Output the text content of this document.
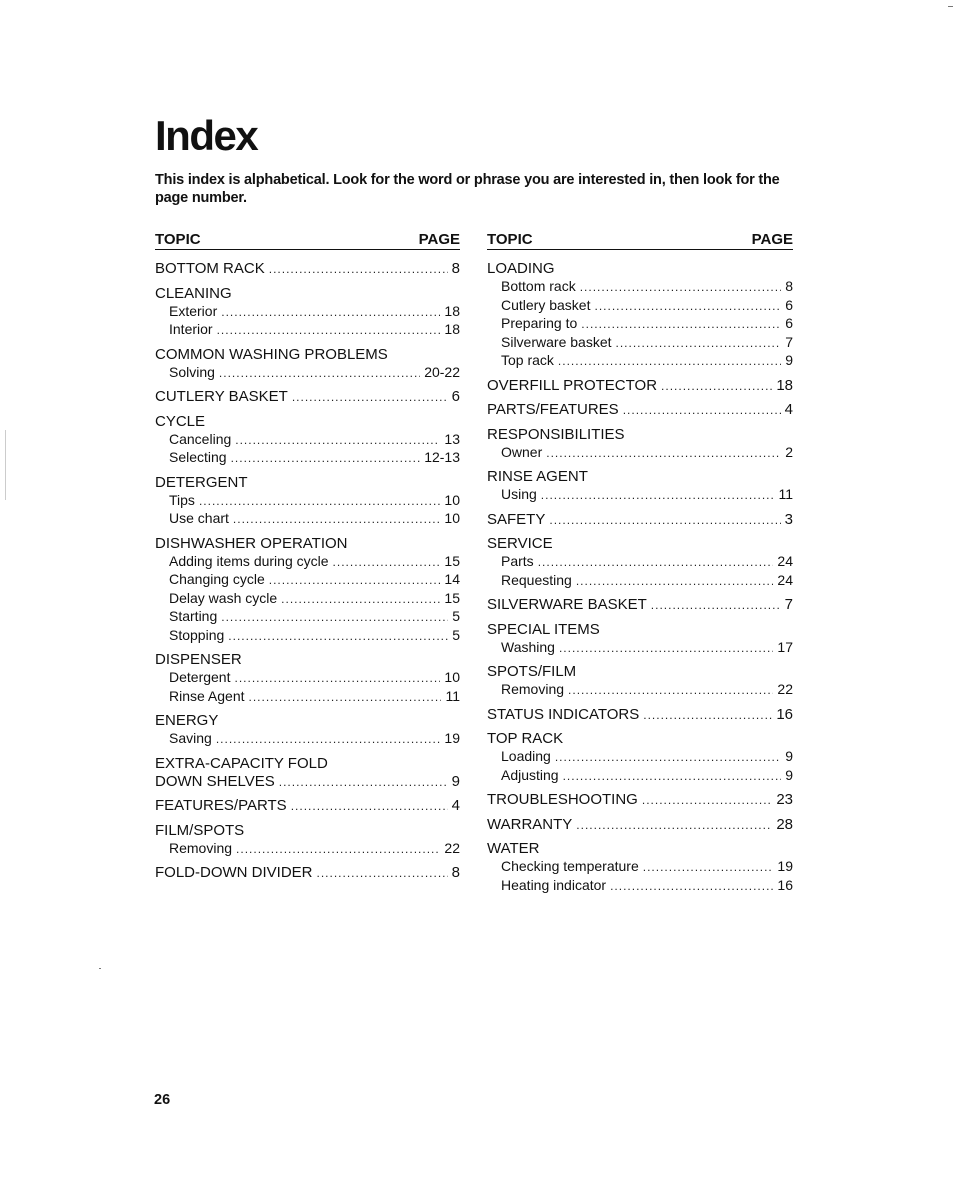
Index

This index is alphabetical. Look for the word or phrase you are interested in, then look for the page number.

TOPIC	PAGE
BOTTOM RACK .....	8
CLEANING
Exterior .....	18
Interior .....	18
COMMON WASHING PROBLEMS
Solving .....	20-22
CUTLERY BASKET .....	6
CYCLE
Canceling .....	13
Selecting .....	12-13
DETERGENT
Tips .....	10
Use chart .....	10
DISHWASHER OPERATION
Adding items during cycle .....	15
Changing cycle .....	14
Delay wash cycle .....	15
Starting .....	5
Stopping .....	5
DISPENSER
Detergent .....	10
Rinse Agent .....	11
ENERGY
Saving .....	19
EXTRA-CAPACITY FOLD
DOWN SHELVES .....	9
FEATURES/PARTS .....	4
FILM/SPOTS
Removing .....	22
FOLD-DOWN DIVIDER .....	8
TOPIC	PAGE
LOADING
Bottom rack .....	8
Cutlery basket .....	6
Preparing to .....	6
Silverware basket .....	7
Top rack .....	9
OVERFILL PROTECTOR .....	18
PARTS/FEATURES .....	4
RESPONSIBILITIES
Owner .....	2
RINSE AGENT
Using .....	11
SAFETY .....	3
SERVICE
Parts .....	24
Requesting .....	24
SILVERWARE BASKET .....	7
SPECIAL ITEMS
Washing .....	17
SPOTS/FILM
Removing .....	22
STATUS INDICATORS .....	16
TOP RACK
Loading .....	9
Adjusting .....	9
TROUBLESHOOTING .....	23
WARRANTY .....	28
WATER
Checking temperature .....	19
Heating indicator .....	16

26
